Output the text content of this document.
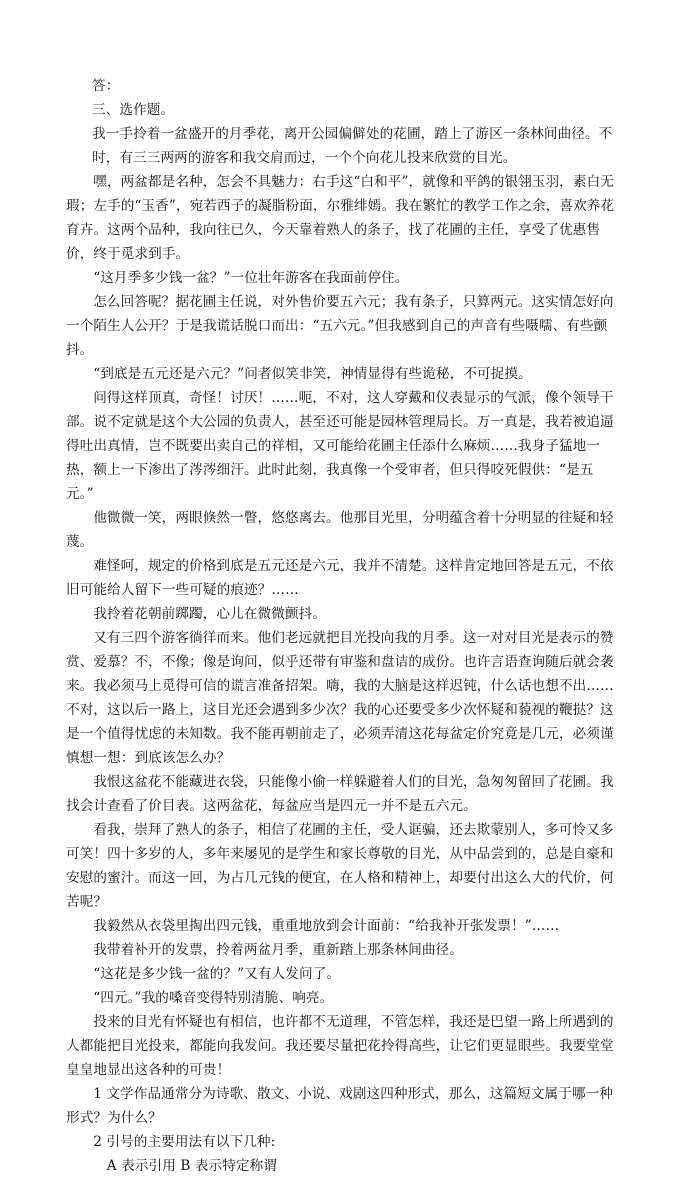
答：

三、选作题。

我一手拎着一盆盛开的月季花，离开公园偏僻处的花圃，踏上了游区一条林间曲径。不时，有三三两两的游客和我交肩而过，一个个向花儿投来欣赏的目光。

嘿，两盆都是名种，怎会不具魅力：右手这“白和平”，就像和平鸽的银翎玉羽，素白无瑕；左手的“玉香”，宛若西子的凝脂粉面，尔雅绯嫣。我在繁忙的教学工作之余，喜欢养花育卉。这两个品种，我向往已久，今天靠着熟人的条子，找了花圃的主任，享受了优惠售价，终于觅求到手。

“这月季多少钱一盆？”一位壮年游客在我面前停住。

怎么回答呢？据花圃主任说，对外售价要五六元；我有条子，只算两元。这实情怎好向一个陌生人公开？于是我谎话脱口而出：“五六元。”但我感到自己的声音有些嗫嚅、有些颤抖。

“到底是五元还是六元？”问者似笑非笑，神情显得有些诡秘，不可捉摸。

问得这样顶真，奇怪！讨厌！……呃，不对，这人穿戴和仪表显示的气派，像个领导干部。说不定就是这个大公园的负责人，甚至还可能是园林管理局长。万一真是，我若被追逼得吐出真情，岂不既要出卖自己的祥相，又可能给花圃主任添什么麻烦……我身子猛地一热，额上一下渗出了涔涔细汗。此时此刻，我真像一个受审者，但只得咬死假供：“是五元。”

他微微一笑，两眼倏然一瞥，悠悠离去。他那目光里，分明蕴含着十分明显的往疑和轻蔑。

难怪呵，规定的价格到底是五元还是六元，我并不清楚。这样肯定地回答是五元，不依旧可能给人留下一些可疑的痕迹？……

我拎着花朝前踯躅，心儿在微微颤抖。

又有三四个游客徜徉而来。他们老远就把目光投向我的月季。这一对对目光是表示的赞赏、爱慕？不，不像；像是询问，似乎还带有审鉴和盘诘的成份。也许言语查询随后就会袭来。我必须马上觅得可信的谎言准备招架。嗨，我的大脑是这样迟钝，什么话也想不出……不对，这以后一路上，这目光还会遇到多少次？我的心还要受多少次怀疑和藐视的鞭挞？这是一个值得忧虑的未知数。我不能再朝前走了，必须弄清这花每盆定价究竟是几元，必须谨慎想一想：到底该怎么办？

我恨这盆花不能藏进衣袋，只能像小偷一样躲避着人们的目光，急匆匆留回了花圃。我找会计查看了价目表。这两盆花，每盆应当是四元一并不是五六元。

看我，崇拜了熟人的条子，相信了花圃的主任，受人诓骗，还去欺蒙别人，多可怜又多可笑！四十多岁的人，多年来屡见的是学生和家长尊敬的目光，从中品尝到的，总是自豪和安慰的蜜汁。而这一回，为占几元钱的便宜，在人格和精神上，却要付出这么大的代价，何苦呢？

我毅然从衣袋里掏出四元钱，重重地放到会计面前：“给我补开张发票！”……

我带着补开的发票，拎着两盆月季，重新踏上那条林间曲径。

“这花是多少钱一盆的？”又有人发问了。

“四元。”我的嗓音变得特别清脆、响亮。

投来的目光有怀疑也有相信，也许都不无道理，不管怎样，我还是巴望一路上所遇到的人都能把目光投来，都能向我发问。我还要尽量把花拎得高些，让它们更显眼些。我要堂堂皇皇地显出这各种的可贵！

1 文学作品通常分为诗歌、散文、小说、戏剧这四种形式，那么，这篇短文属于哪一种形式？为什么？

2 引号的主要用法有以下几种:

A 表示引用 B 表示特定称谓
